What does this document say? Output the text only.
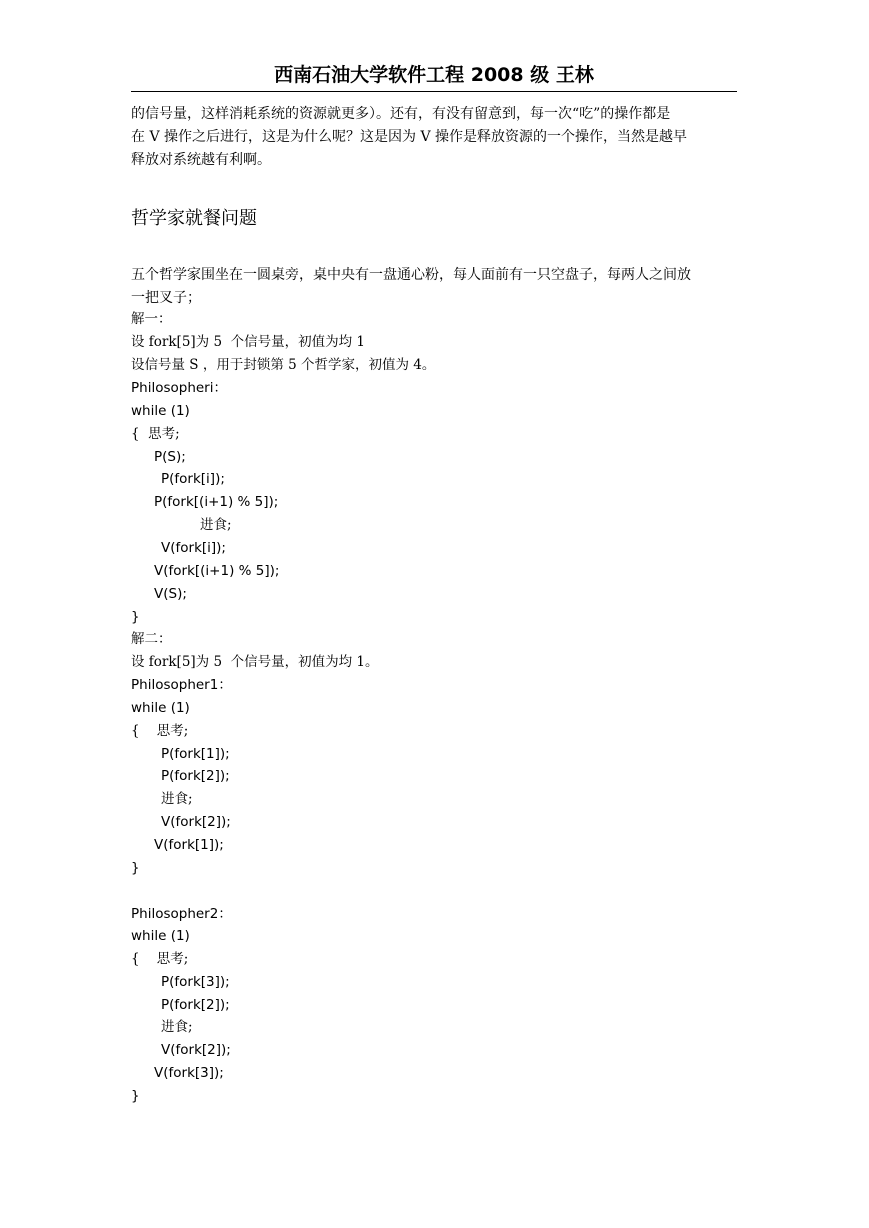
西南石油大学软件工程 2008 级 王林
的信号量，这样消耗系统的资源就更多）。还有，有没有留意到，每一次“吃”的操作都是
在 V 操作之后进行，这是为什么呢？这是因为 V 操作是释放资源的一个操作，当然是越早
释放对系统越有利啊。
哲学家就餐问题
五个哲学家围坐在一圆桌旁，桌中央有一盘通心粉，每人面前有一只空盘子，每两人之间放
一把叉子；
解一：
设 fork[5]为 5  个信号量，初值为均 1
设信号量 S ，用于封锁第 5 个哲学家，初值为 4。
Philosopheri：
while (1)
{  思考;
P(S);
P(fork[i]);
P(fork[(i+1) % 5]);
进食;
V(fork[i]);
V(fork[(i+1) % 5]);
V(S);
}
解二：
设 fork[5]为 5  个信号量，初值为均 1。
Philosopher1：
while (1)
{    思考;
P(fork[1]);
P(fork[2]);
进食;
V(fork[2]);
V(fork[1]);
}
Philosopher2：
while (1)
{    思考;
P(fork[3]);
P(fork[2]);
进食;
V(fork[2]);
V(fork[3]);
}
